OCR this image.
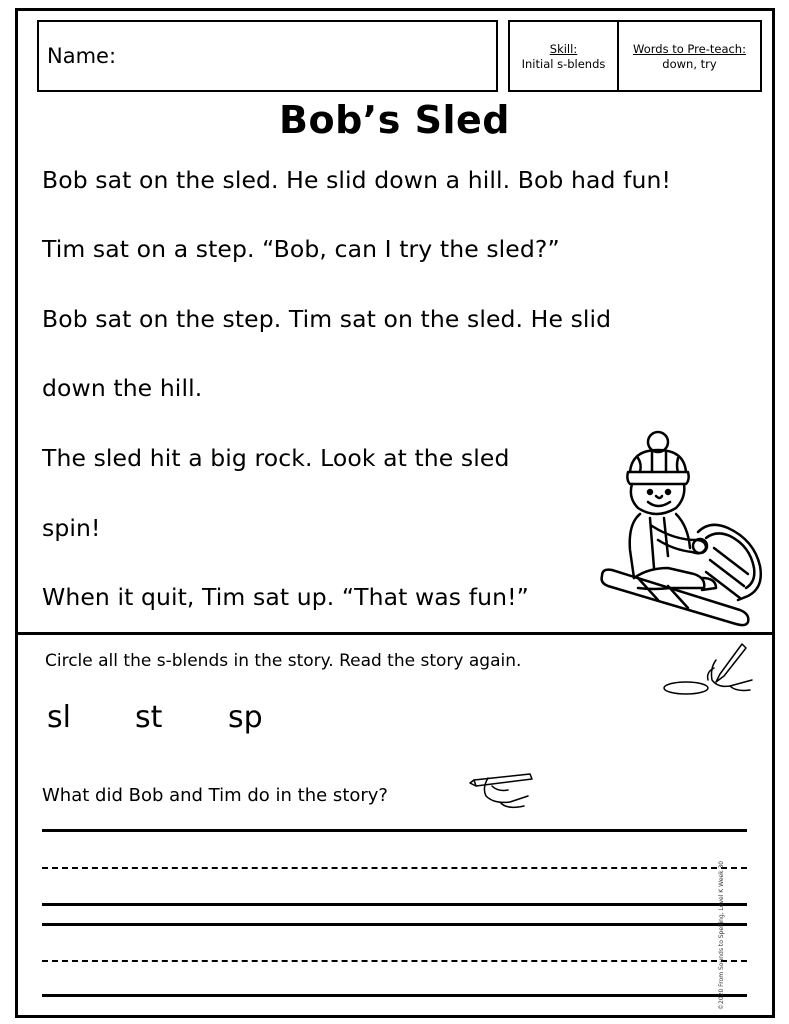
Name:	Skill:
Initial s-blends
Words to Pre-teach:
down, try
Bob’s Sled
Bob sat on the sled. He slid down a hill. Bob had fun!
Tim sat on a step. “Bob, can I try the sled?”
Bob sat on the step. Tim sat on the sled. He slid
down the hill.
The sled hit a big rock. Look at the sled
spin!
When it quit, Tim sat up. “That was fun!”
Circle all the s-blends in the story. Read the story again.
sl st sp
What did Bob and Tim do in the story?
©2020 From Sounds to Spelling, Level K Week 30
